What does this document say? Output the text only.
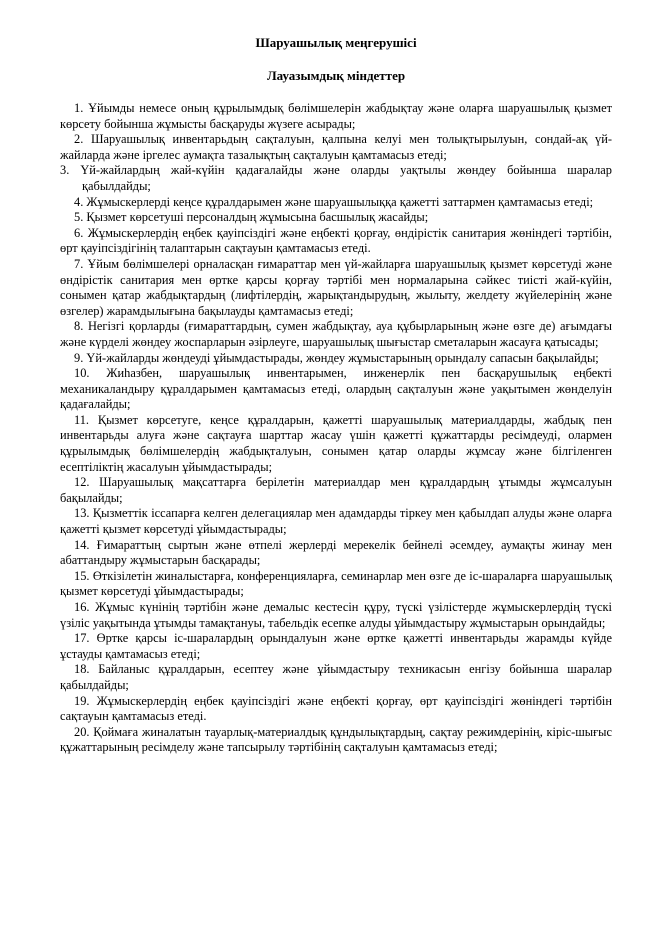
Шаруашылық меңгерушісі

Лауазымдық міндеттер

1. Ұйымды немесе оның құрылымдық бөлімшелерін жабдықтау және оларға шаруашылық қызмет көрсету бойынша жұмысты басқаруды жүзеге асырады;

2. Шаруашылық инвентарьдың сақталуын, қалпына келуі мен толықтырылуын, сондай-ақ үй-жайларда және іргелес аумақта тазалықтың сақталуын қамтамасыз етеді;

3. Үй-жайлардың жай-күйін қадағалайды және оларды уақтылы жөндеу бойынша шаралар қабылдайды;

4. Жұмыскерлерді кеңсе құралдарымен және шаруашылыққа қажетті заттармен қамтамасыз етеді;

5. Қызмет көрсетуші персоналдың жұмысына басшылық жасайды;

6. Жұмыскерлердің еңбек қауіпсіздігі және еңбекті қорғау, өндірістік санитария жөніндегі тәртібін, өрт қауіпсіздігінің талаптарын сақтауын қамтамасыз етеді.

7. Ұйым бөлімшелері орналасқан ғимараттар мен үй-жайларға шаруашылық қызмет көрсетуді және өндірістік санитария мен өртке қарсы қорғау тәртібі мен нормаларына сәйкес тиісті жай-күйін, сонымен қатар жабдықтардың (лифтілердің, жарықтандырудың, жылыту, желдету жүйелерінің және өзгелер) жарамдылығына бақылауды қамтамасыз етеді;

8. Негізгі қорларды (ғимараттардың, сумен жабдықтау, ауа құбырларының және өзге де) ағымдағы және күрделі жөндеу жоспарларын әзірлеуге, шаруашылық шығыстар сметаларын жасауға қатысады;

9. Үй-жайларды жөндеуді ұйымдастырады, жөндеу жұмыстарының орындалу сапасын бақылайды;

10. Жиһазбен, шаруашылық инвентарымен, инженерлік пен басқарушылық еңбекті механикаландыру құралдарымен қамтамасыз етеді, олардың сақталуын және уақытымен жөнделуін қадағалайды;

11. Қызмет көрсетуге, кеңсе құралдарын, қажетті шаруашылық материалдарды, жабдық пен инвентарьды алуға және сақтауға шарттар жасау үшін қажетті құжаттарды ресімдеуді, олармен құрылымдық бөлімшелердің жабдықталуын, сонымен қатар оларды жұмсау және білгіленген есептіліктің жасалуын ұйымдастырады;

12. Шаруашылық мақсаттарға берілетін материалдар мен құралдардың ұтымды жұмсалуын бақылайды;

13. Қызметтік іссапарға келген делегациялар мен адамдарды тіркеу мен қабылдап алуды және оларға қажетті қызмет көрсетуді ұйымдастырады;

14. Ғимараттың сыртын және өтпелі жерлерді мерекелік бейнелі әсемдеу, аумақты жинау мен абаттандыру жұмыстарын басқарады;

15. Өткізілетін жиналыстарға, конференцияларға, семинарлар мен өзге де іс-шараларға шаруашылық қызмет көрсетуді ұйымдастырады;

16. Жұмыс күнінің тәртібін және демалыс кестесін құру, түскі үзілістерде жұмыскерлердің түскі үзіліс уақытында ұтымды тамақтануы, табельдік есепке алуды ұйымдастыру жұмыстарын орындайды;

17. Өртке қарсы іс-шаралардың орындалуын және өртке қажетті инвентарьды жарамды күйде ұстауды қамтамасыз етеді;

18. Байланыс құралдарын, есептеу және ұйымдастыру техникасын енгізу бойынша шаралар қабылдайды;

19. Жұмыскерлердің еңбек қауіпсіздігі және еңбекті қорғау, өрт қауіпсіздігі жөніндегі тәртібін сақтауын қамтамасыз етеді.

20. Қоймаға жиналатын тауарлық-материалдық құндылықтардың, сақтау режимдерінің, кіріс-шығыс құжаттарының ресімделу және тапсырылу тәртібінің сақталуын қамтамасыз етеді;
